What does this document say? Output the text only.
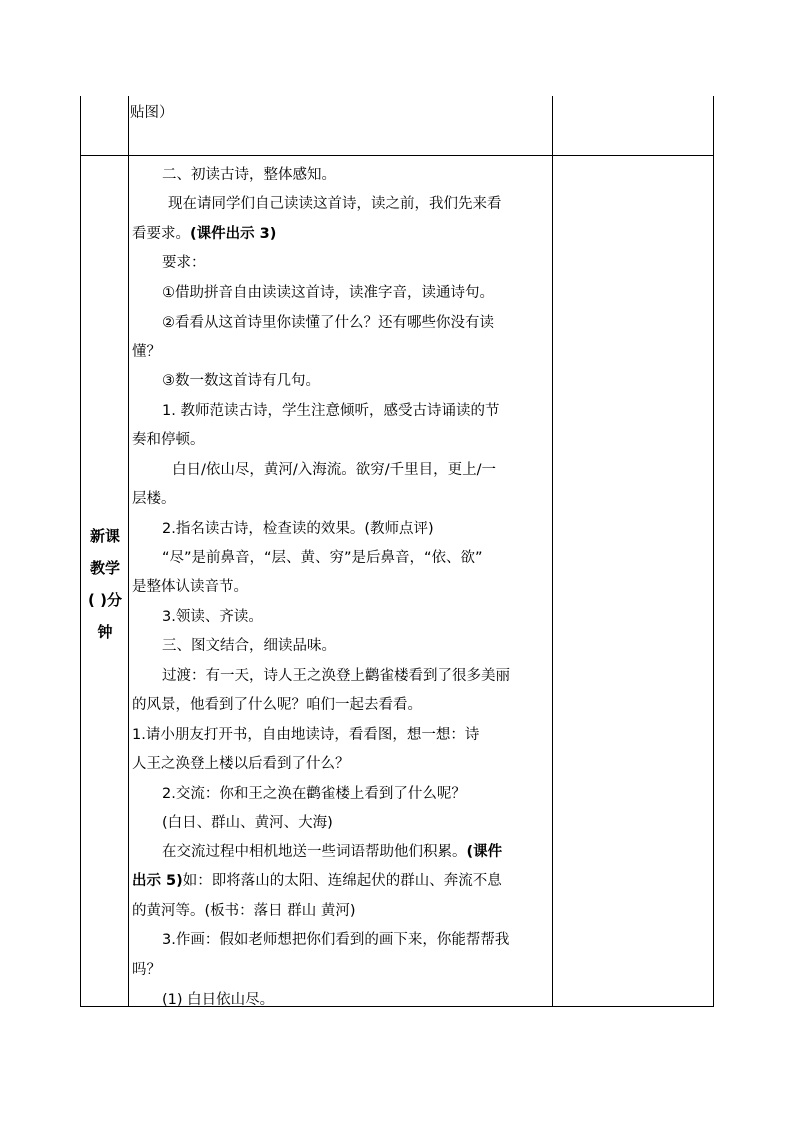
贴图）
新课
教学
( )分
钟
二、初读古诗，整体感知。
现在请同学们自己读读这首诗，读之前，我们先来看
看要求。(课件出示 3)
要求：
①借助拼音自由读读这首诗，读准字音，读通诗句。
②看看从这首诗里你读懂了什么？还有哪些你没有读
懂？
③数一数这首诗有几句。
1. 教师范读古诗，学生注意倾听，感受古诗诵读的节
奏和停顿。
白日/依山尽，黄河/入海流。欲穷/千里目，更上/一
层楼。
2.指名读古诗，检查读的效果。(教师点评)
“尽”是前鼻音，“层、黄、穷”是后鼻音，“依、欲”
是整体认读音节。
3.领读、齐读。
三、图文结合，细读品味。
过渡：有一天，诗人王之涣登上鹳雀楼看到了很多美丽
的风景，他看到了什么呢？咱们一起去看看。
1.请小朋友打开书，自由地读诗，看看图，想一想：诗
人王之涣登上楼以后看到了什么？
2.交流：你和王之涣在鹳雀楼上看到了什么呢？
(白日、群山、黄河、大海)
在交流过程中相机地送一些词语帮助他们积累。(课件
出示 5)如：即将落山的太阳、连绵起伏的群山、奔流不息
的黄河等。(板书：落日 群山 黄河)
3.作画：假如老师想把你们看到的画下来，你能帮帮我
吗？
(1) 白日依山尽。
